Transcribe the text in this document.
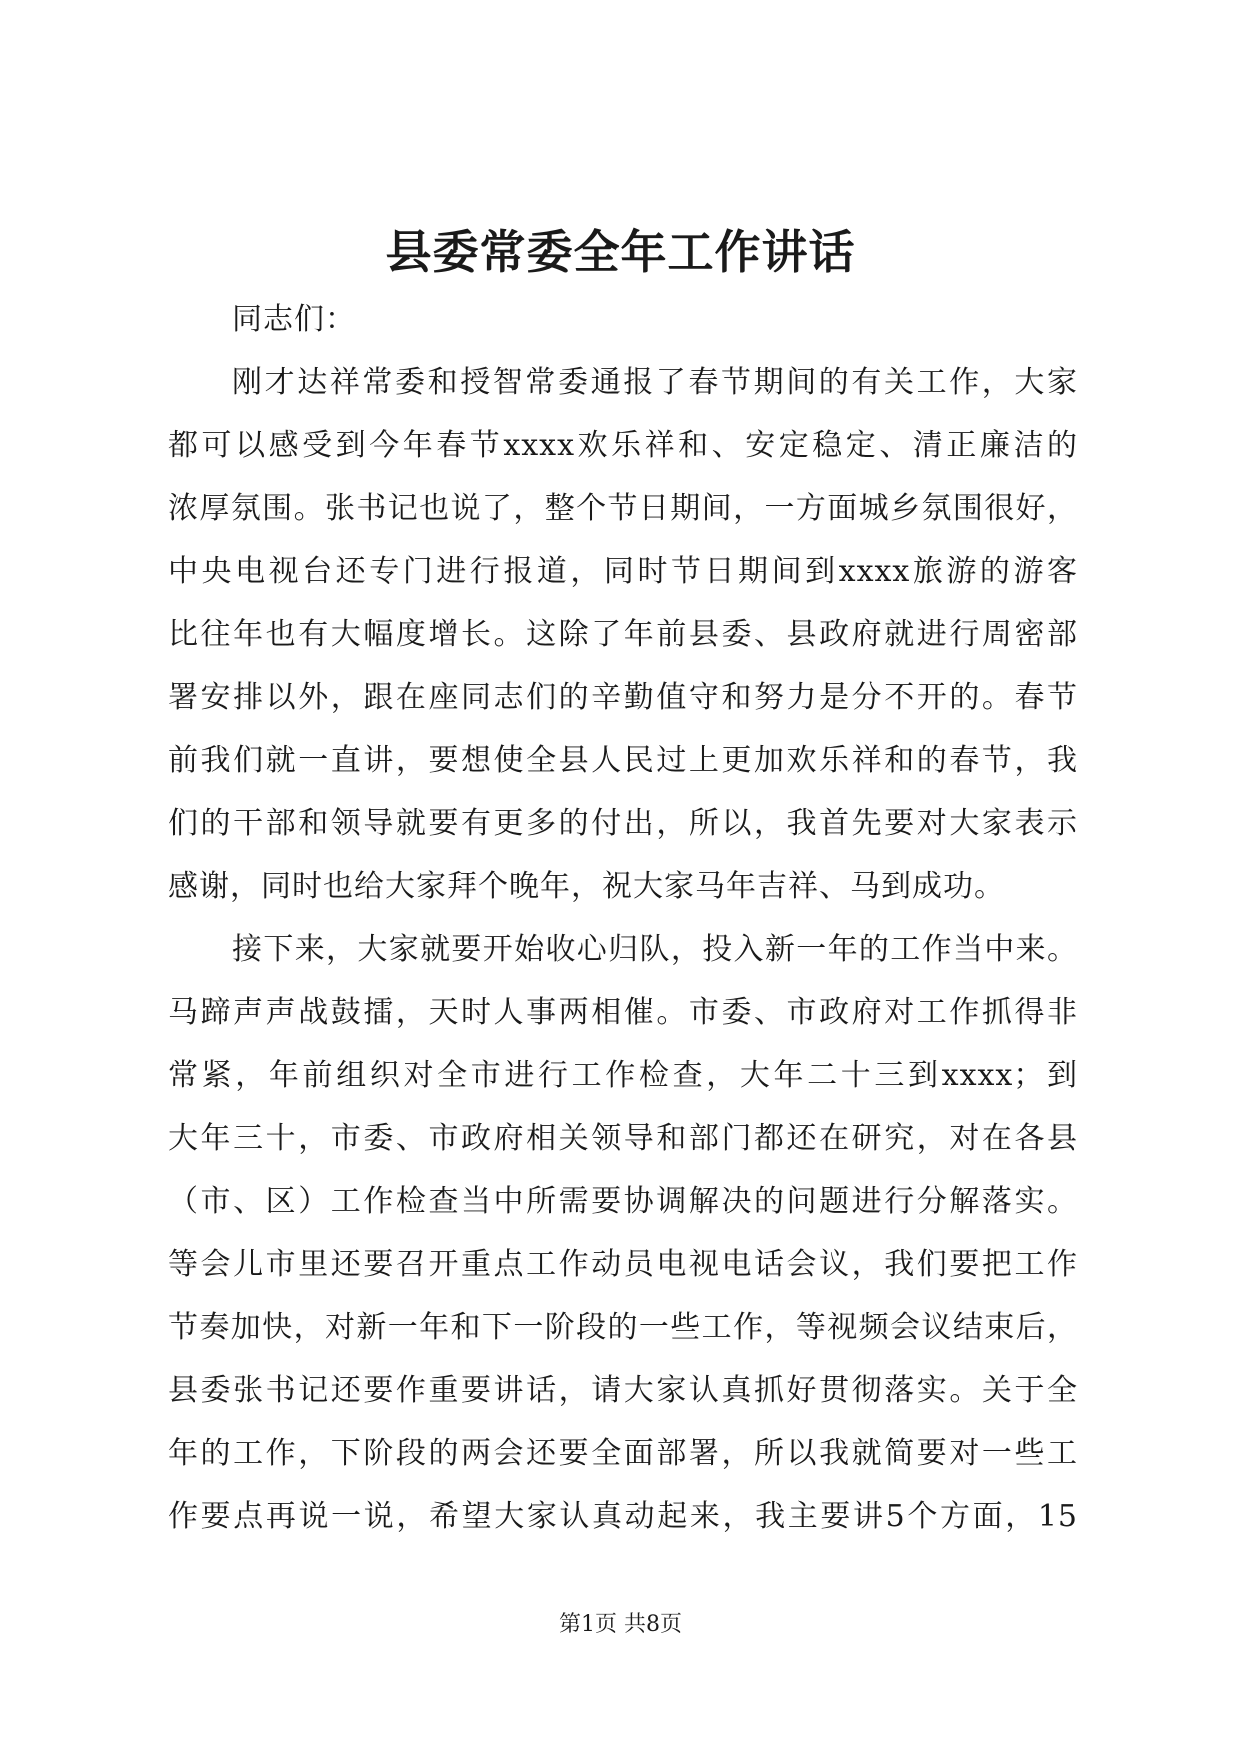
县委常委全年工作讲话
同志们：
刚才达祥常委和授智常委通报了春节期间的有关工作，大家
都可以感受到今年春节xxxx欢乐祥和、安定稳定、清正廉洁的
浓厚氛围。张书记也说了，整个节日期间，一方面城乡氛围很好，
中央电视台还专门进行报道，同时节日期间到xxxx旅游的游客
比往年也有大幅度增长。这除了年前县委、县政府就进行周密部
署安排以外，跟在座同志们的辛勤值守和努力是分不开的。春节
前我们就一直讲，要想使全县人民过上更加欢乐祥和的春节，我
们的干部和领导就要有更多的付出，所以，我首先要对大家表示
感谢，同时也给大家拜个晚年，祝大家马年吉祥、马到成功。
接下来，大家就要开始收心归队，投入新一年的工作当中来。
马蹄声声战鼓擂，天时人事两相催。市委、市政府对工作抓得非
常紧，年前组织对全市进行工作检查，大年二十三到xxxx；到
大年三十，市委、市政府相关领导和部门都还在研究，对在各县
（市、区）工作检查当中所需要协调解决的问题进行分解落实。
等会儿市里还要召开重点工作动员电视电话会议，我们要把工作
节奏加快，对新一年和下一阶段的一些工作，等视频会议结束后，
县委张书记还要作重要讲话，请大家认真抓好贯彻落实。关于全
年的工作，下阶段的两会还要全面部署，所以我就简要对一些工
作要点再说一说，希望大家认真动起来，我主要讲5个方面，15
第1页 共8页
